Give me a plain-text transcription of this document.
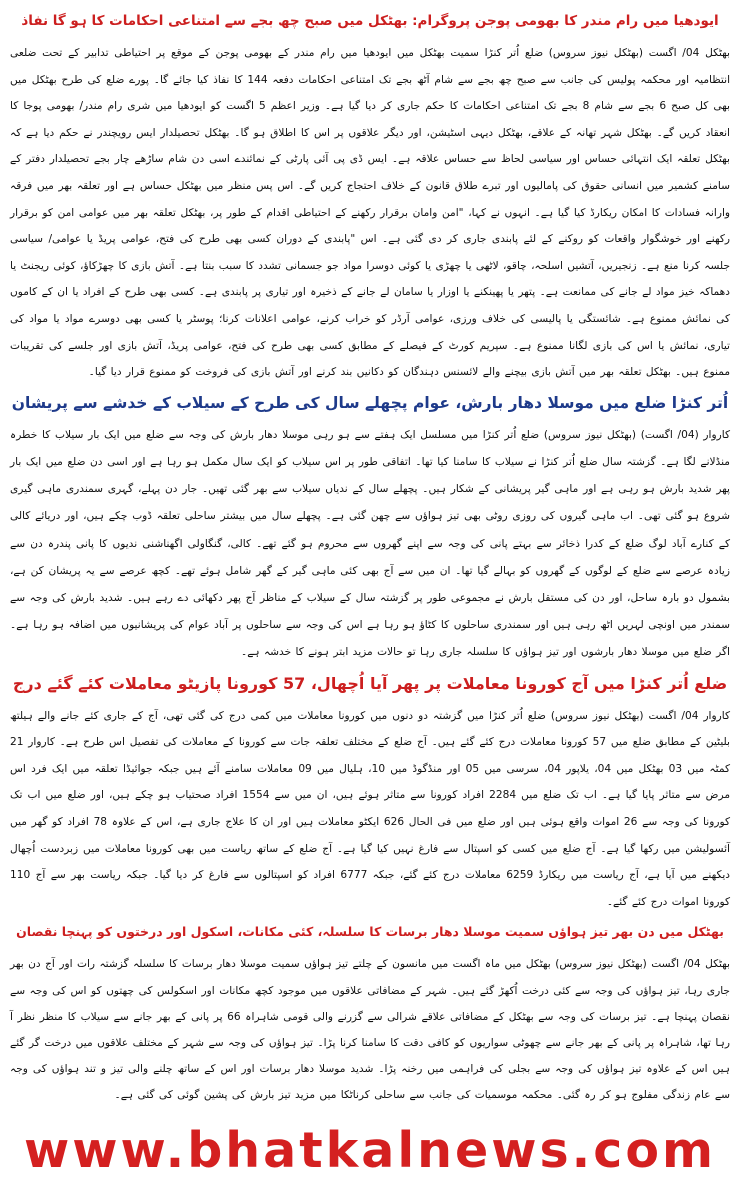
ایودھیا میں رام مندر کا بھومی پوجن پروگرام: بھٹکل میں صبح چھ بجے سے امتناعی احکامات کا ہو گا نفاذ

بھٹکل 04/ اگست (بھٹکل نیوز سروس) ضلع اُتر کنڑا سمیت بھٹکل میں ایودھیا میں رام مندر کے بھومی پوجن کے موقع پر احتیاطی تدابیر کے تحت ضلعی انتظامیہ اور محکمہ پولیس کی جانب سے صبح چھ بجے سے شام آٹھ بجے تک امتناعی احکامات دفعہ 144 کا نفاذ کیا جائے گا۔ پورے ضلع کی طرح بھٹکل میں بھی کل صبح 6 بجے سے شام 8 بجے تک امتناعی احکامات کا حکم جاری کر دیا گیا ہے۔ وزیر اعظم 5 اگست کو ایودھیا میں شری رام مندر/ بھومی پوجا کا انعقاد کریں گے۔ بھٹکل شہر تھانہ کے علاقے، بھٹکل دیہی اسٹیشن، اور دیگر علاقوں پر اس کا اطلاق ہو گا۔ بھٹکل تحصیلدار ایس رویچندر نے حکم دیا ہے کہ بھٹکل تعلقہ ایک انتہائی حساس اور سیاسی لحاظ سے حساس علاقہ ہے۔ ایس ڈی پی آئی پارٹی کے نمائندے اسی دن شام ساڑھے چار بجے تحصیلدار دفتر کے سامنے کشمیر میں انسانی حقوق کی پامالیوں اور تبرے طلاق قانون کے خلاف احتجاج کریں گے۔ اس پس منظر میں بھٹکل حساس ہے اور تعلقہ بھر میں فرقہ وارانہ فسادات کا امکان ریکارڈ کیا گیا ہے۔ انہوں نے کہا، "امن وامان برقرار رکھنے کے احتیاطی اقدام کے طور پر، بھٹکل تعلقہ بھر میں عوامی امن کو برقرار رکھنے اور خوشگوار واقعات کو روکنے کے لئے پابندی جاری کر دی گئی ہے۔ اس "پابندی کے دوران کسی بھی طرح کی فتح، عوامی پریڈ یا عوامی/ سیاسی جلسہ کرنا منع ہے۔ زنجیریں، آتشیں اسلحہ، چاقو، لاٹھی یا چھڑی یا کوئی دوسرا مواد جو جسمانی تشدد کا سبب بنتا ہے۔ آتش بازی کا چھڑکاؤ، کوئی ریجنٹ یا دھماکہ خیز مواد لے جانے کی ممانعت ہے۔ پتھر یا پھینکنے یا اوزار یا سامان لے جانے کے ذخیرہ اور تیاری پر پابندی ہے۔ کسی بھی طرح کے افراد یا ان کے کاموں کی نمائش ممنوع ہے۔ شائستگی یا پالیسی کی خلاف ورزی، عوامی آرڈر کو خراب کرنے، عوامی اعلانات کرنا؛ پوسٹر یا کسی بھی دوسرے مواد یا مواد کی تیاری، نمائش یا اس کی بازی لگانا ممنوع ہے۔ سپریم کورٹ کے فیصلے کے مطابق کسی بھی طرح کی فتح، عوامی پریڈ، آتش بازی اور جلسے کی تقریبات ممنوع ہیں۔ بھٹکل تعلقہ بھر میں آتش بازی بیچنے والے لائسنس دہندگان کو دکانیں بند کرنے اور آتش بازی کی فروخت کو ممنوع قرار دیا گیا۔

اُتر کنڑا ضلع میں موسلا دھار بارش، عوام پچھلے سال کی طرح کے سیلاب کے خدشے سے پریشان

کاروار (04/ اگست) (بھٹکل نیوز سروس) ضلع اُتر کنڑا میں مسلسل ایک ہفتے سے ہو رہی موسلا دھار بارش کی وجہ سے ضلع میں ایک بار سیلاب کا خطرہ منڈلانے لگا ہے۔ گزشتہ سال ضلع اُتر کنڑا نے سیلاب کا سامنا کیا تھا۔ اتفاقی طور پر اس سیلاب کو ایک سال مکمل ہو رہا ہے اور اسی دن ضلع میں ایک بار پھر شدید بارش ہو رہی ہے اور ماہی گیر پریشانی کے شکار ہیں۔ پچھلے سال کے ندیاں سیلاب سے بھر گئی تھیں۔ جار دن پہلے، گہری سمندری ماہی گیری شروع ہو گئی تھی۔ اب ماہی گیروں کی روزی روٹی بھی تیز ہواؤں سے چھن گئی ہے۔ پچھلے سال میں بیشتر ساحلی تعلقہ ڈوب چکے ہیں، اور دریائے کالی کے کنارے آباد لوگ ضلع کے کدرا ذخائر سے بہتے پانی کی وجہ سے اپنے گھروں سے محروم ہو گئے تھے۔ کالی، گنگاولی اگھناشنی ندیوں کا پانی پندرہ دن سے زیادہ عرصے سے ضلع کے لوگوں کے گھروں کو بہالے گیا تھا۔ ان میں سے آج بھی کئی ماہی گیر کے گھر شامل ہوئے تھے۔ کچھ عرصے سے یہ پریشان کن ہے، بشمول دو بارہ ساحل، اور دن کی مستقل بارش نے مجموعی طور پر گزشتہ سال کے سیلاب کے مناظر آج پھر دکھائی دے رہے ہیں۔ شدید بارش کی وجہ سے سمندر میں اونچی لہریں اٹھ رہی ہیں اور سمندری ساحلوں کا کٹاؤ ہو رہا ہے اس کی وجہ سے ساحلوں پر آباد عوام کی پریشانیوں میں اضافہ ہو رہا ہے۔ اگر ضلع میں موسلا دھار بارشوں اور تیز ہواؤں کا سلسلہ جاری رہا تو حالات مزید ابتر ہونے کا خدشہ ہے۔

ضلع اُتر کنڑا میں آج کورونا معاملات پر پھر آیا اُچھال، 57 کورونا پازیٹو معاملات کئے گئے درج

کاروار 04/ اگست (بھٹکل نیوز سروس) ضلع اُتر کنڑا میں گزشتہ دو دنوں میں کورونا معاملات میں کمی درج کی گئی تھی، آج کے جاری کئے جانے والے ہیلتھ بلیٹین کے مطابق ضلع میں 57 کورونا معاملات درج کئے گئے ہیں۔ آج ضلع کے مختلف تعلقہ جات سے کورونا کے معاملات کی تفصیل اس طرح ہے۔ کاروار 21 کمٹہ میں 03 بھٹکل میں 04، یلاپور 04، سرسی میں 05 اور منڈگوڈ میں 10، ہلیال میں 09 معاملات سامنے آئے ہیں جبکہ جوائیڈا تعلقہ میں ایک فرد اس مرض سے متاثر پایا گیا ہے۔ اب تک ضلع میں 2284 افراد کورونا سے متاثر ہوئے ہیں، ان میں سے 1554 افراد صحتیاب ہو چکے ہیں، اور ضلع میں اب تک کورونا کی وجہ سے 26 اموات واقع ہوئی ہیں اور ضلع میں فی الحال 626 ایکٹو معاملات ہیں اور ان کا علاج جاری ہے، اس کے علاوہ 78 افراد کو گھر میں آئسولیشن میں رکھا گیا ہے۔ آج ضلع میں کسی کو اسپتال سے فارغ نہیں کیا گیا ہے۔ آج ضلع کے ساتھ ریاست میں بھی کورونا معاملات میں زبردست اُچھال دیکھنے میں آیا ہے، آج ریاست میں ریکارڈ 6259 معاملات درج کئے گئے، جبکہ 6777 افراد کو اسپتالوں سے فارغ کر دیا گیا۔ جبکہ ریاست بھر سے آج 110 کورونا اموات درج کئے گئے۔

بھٹکل میں دن بھر تیز ہواؤں سمیت موسلا دھار برسات کا سلسلہ، کئی مکانات، اسکول اور درختوں کو پہنچا نقصان

بھٹکل 04/ اگست (بھٹکل نیوز سروس) بھٹکل میں ماہ اگست میں مانسون کے چلتے تیز ہواؤں سمیت موسلا دھار برسات کا سلسلہ گزشتہ رات اور آج دن بھر جاری رہا، تیز ہواؤں کی وجہ سے کئی درخت اُکھڑ گئے ہیں۔ شہر کے مضافاتی علاقوں میں موجود کچھ مکانات اور اسکولس کی چھتوں کو اس کی وجہ سے نقصان پہنچا ہے۔ تیز برسات کی وجہ سے بھٹکل کے مضافاتی علاقے شرالی سے گزرنے والی قومی شاہراہ 66 پر پانی کے بھر جانے سے سیلاب کا منظر نظر آ رہا تھا، شاہراہ پر پانی کے بھر جانے سے چھوٹی سواریوں کو کافی دقت کا سامنا کرنا پڑا۔ تیز ہواؤں کی وجہ سے شہر کے مختلف علاقوں میں درخت گر گئے ہیں اس کے علاوہ تیز ہواؤں کی وجہ سے بجلی کی فراہمی میں رخنہ پڑا۔ شدید موسلا دھار برسات اور اس کے ساتھ چلنے والی تیز و تند ہواؤں کی وجہ سے عام زندگی مفلوج ہو کر رہ گئی۔ محکمہ موسمیات کی جانب سے ساحلی کرناٹکا میں مزید تیز بارش کی پشین گوئی کی گئی ہے۔

www.bhatkalnews.com
